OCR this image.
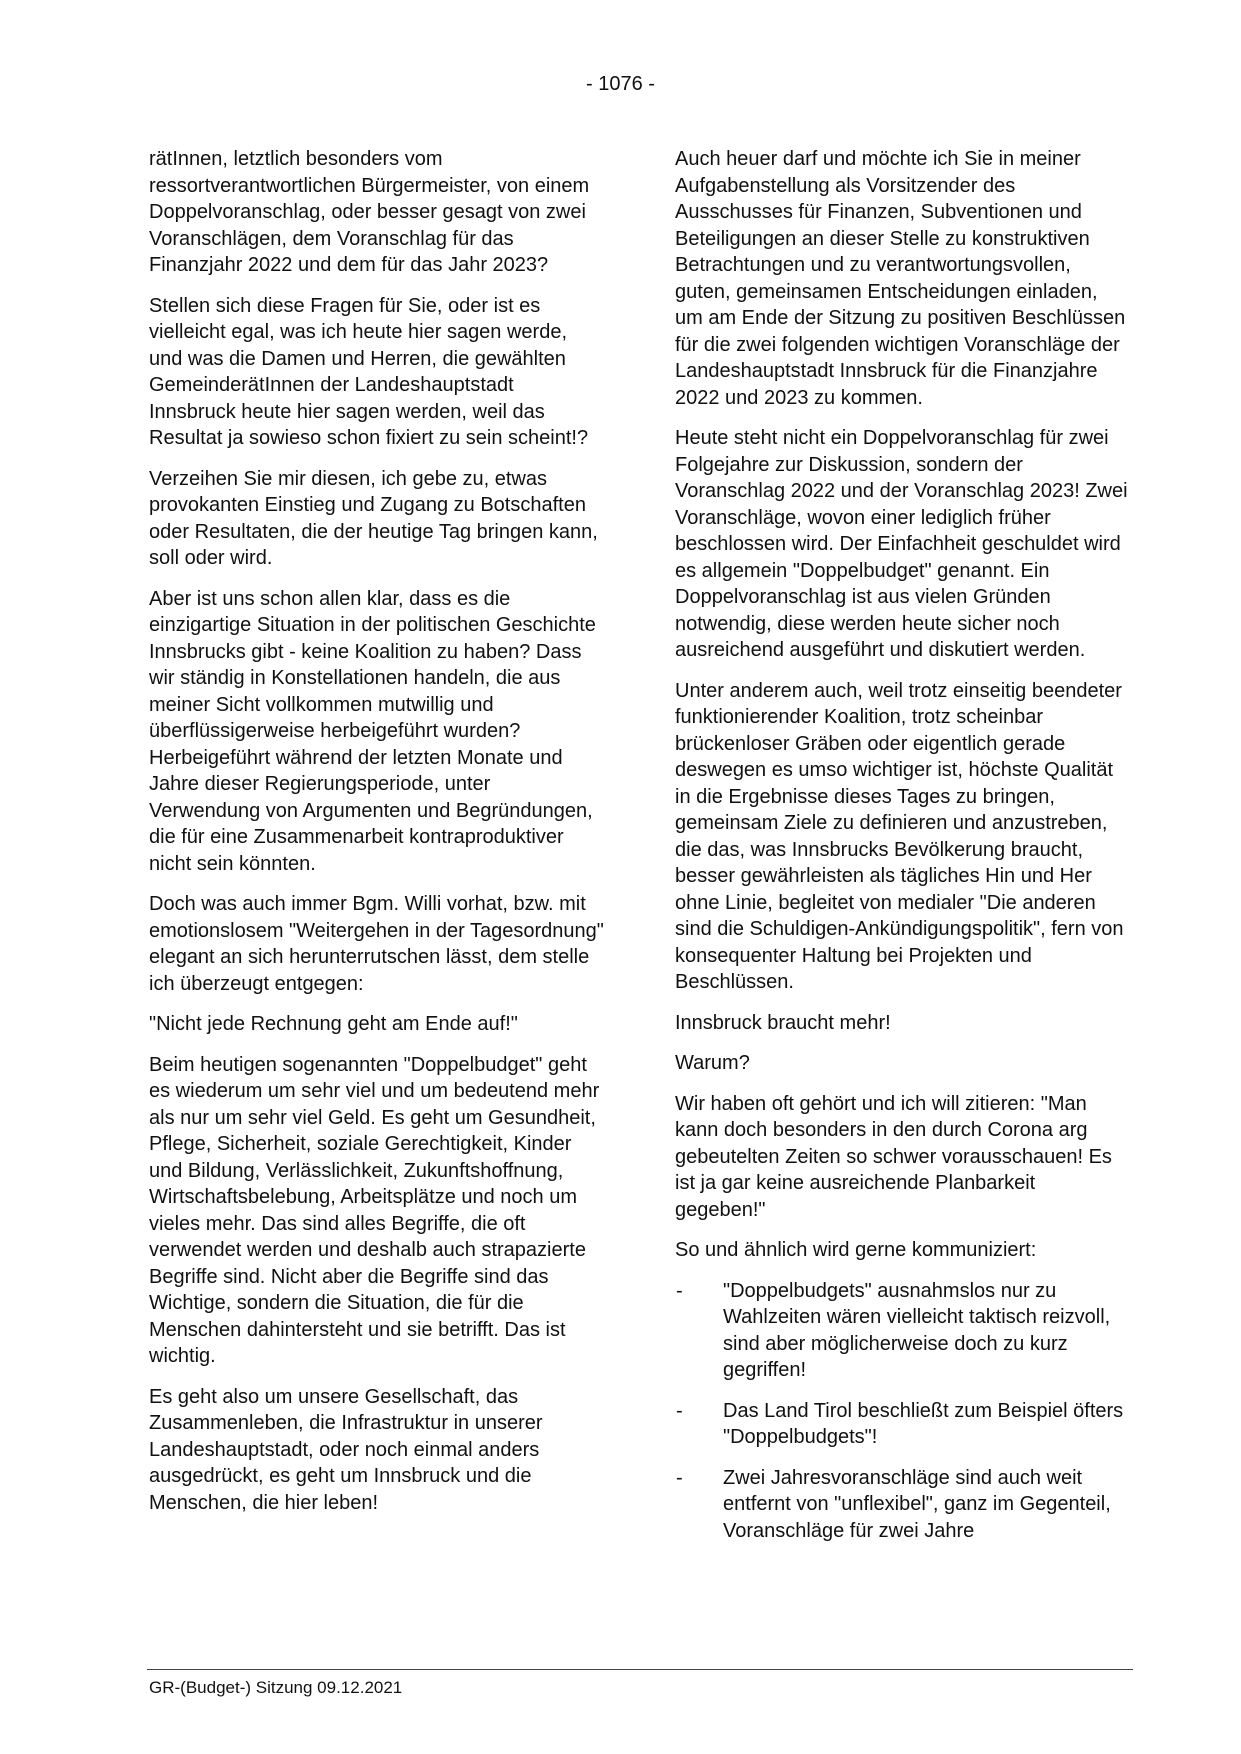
- 1076 -

rätInnen, letztlich besonders vom ressortverantwortlichen Bürgermeister, von einem Doppelvoranschlag, oder besser gesagt von zwei Voranschlägen, dem Voranschlag für das Finanzjahr 2022 und dem für das Jahr 2023?

Stellen sich diese Fragen für Sie, oder ist es vielleicht egal, was ich heute hier sagen werde, und was die Damen und Herren, die gewählten GemeinderätInnen der Landeshauptstadt Innsbruck heute hier sagen werden, weil das Resultat ja sowieso schon fixiert zu sein scheint!?

Verzeihen Sie mir diesen, ich gebe zu, etwas provokanten Einstieg und Zugang zu Botschaften oder Resultaten, die der heutige Tag bringen kann, soll oder wird.

Aber ist uns schon allen klar, dass es die einzigartige Situation in der politischen Geschichte Innsbrucks gibt - keine Koalition zu haben? Dass wir ständig in Konstellationen handeln, die aus meiner Sicht vollkommen mutwillig und überflüssigerweise herbeigeführt wurden? Herbeigeführt während der letzten Monate und Jahre dieser Regierungsperiode, unter Verwendung von Argumenten und Begründungen, die für eine Zusammenarbeit kontraproduktiver nicht sein könnten.

Doch was auch immer Bgm. Willi vorhat, bzw. mit emotionslosem "Weitergehen in der Tagesordnung" elegant an sich herunterrutschen lässt, dem stelle ich überzeugt entgegen:

"Nicht jede Rechnung geht am Ende auf!"

Beim heutigen sogenannten "Doppelbudget" geht es wiederum um sehr viel und um bedeutend mehr als nur um sehr viel Geld. Es geht um Gesundheit, Pflege, Sicherheit, soziale Gerechtigkeit, Kinder und Bildung, Verlässlichkeit, Zukunftshoffnung, Wirtschaftsbelebung, Arbeitsplätze und noch um vieles mehr. Das sind alles Begriffe, die oft verwendet werden und deshalb auch strapazierte Begriffe sind. Nicht aber die Begriffe sind das Wichtige, sondern die Situation, die für die Menschen dahintersteht und sie betrifft. Das ist wichtig.

Es geht also um unsere Gesellschaft, das Zusammenleben, die Infrastruktur in unserer Landeshauptstadt, oder noch einmal anders ausgedrückt, es geht um Innsbruck und die Menschen, die hier leben!

Auch heuer darf und möchte ich Sie in meiner Aufgabenstellung als Vorsitzender des Ausschusses für Finanzen, Subventionen und Beteiligungen an dieser Stelle zu konstruktiven Betrachtungen und zu verantwortungsvollen, guten, gemeinsamen Entscheidungen einladen, um am Ende der Sitzung zu positiven Beschlüssen für die zwei folgenden wichtigen Voranschläge der Landeshauptstadt Innsbruck für die Finanzjahre 2022 und 2023 zu kommen.

Heute steht nicht ein Doppelvoranschlag für zwei Folgejahre zur Diskussion, sondern der Voranschlag 2022 und der Voranschlag 2023! Zwei Voranschläge, wovon einer lediglich früher beschlossen wird. Der Einfachheit geschuldet wird es allgemein "Doppelbudget" genannt. Ein Doppelvoranschlag ist aus vielen Gründen notwendig, diese werden heute sicher noch ausreichend ausgeführt und diskutiert werden.

Unter anderem auch, weil trotz einseitig beendeter funktionierender Koalition, trotz scheinbar brückenloser Gräben oder eigentlich gerade deswegen es umso wichtiger ist, höchste Qualität in die Ergebnisse dieses Tages zu bringen, gemeinsam Ziele zu definieren und anzustreben, die das, was Innsbrucks Bevölkerung braucht, besser gewährleisten als tägliches Hin und Her ohne Linie, begleitet von medialer "Die anderen sind die Schuldigen-Ankündigungspolitik", fern von konsequenter Haltung bei Projekten und Beschlüssen.

Innsbruck braucht mehr!

Warum?

Wir haben oft gehört und ich will zitieren: "Man kann doch besonders in den durch Corona arg gebeutelten Zeiten so schwer vorausschauen! Es ist ja gar keine ausreichende Planbarkeit gegeben!"

So und ähnlich wird gerne kommuniziert:

- "Doppelbudgets" ausnahmslos nur zu Wahlzeiten wären vielleicht taktisch reizvoll, sind aber möglicherweise doch zu kurz gegriffen!
- Das Land Tirol beschließt zum Beispiel öfters "Doppelbudgets"!
- Zwei Jahresvoranschläge sind auch weit entfernt von "unflexibel", ganz im Gegenteil, Voranschläge für zwei Jahre
GR-(Budget-) Sitzung 09.12.2021
